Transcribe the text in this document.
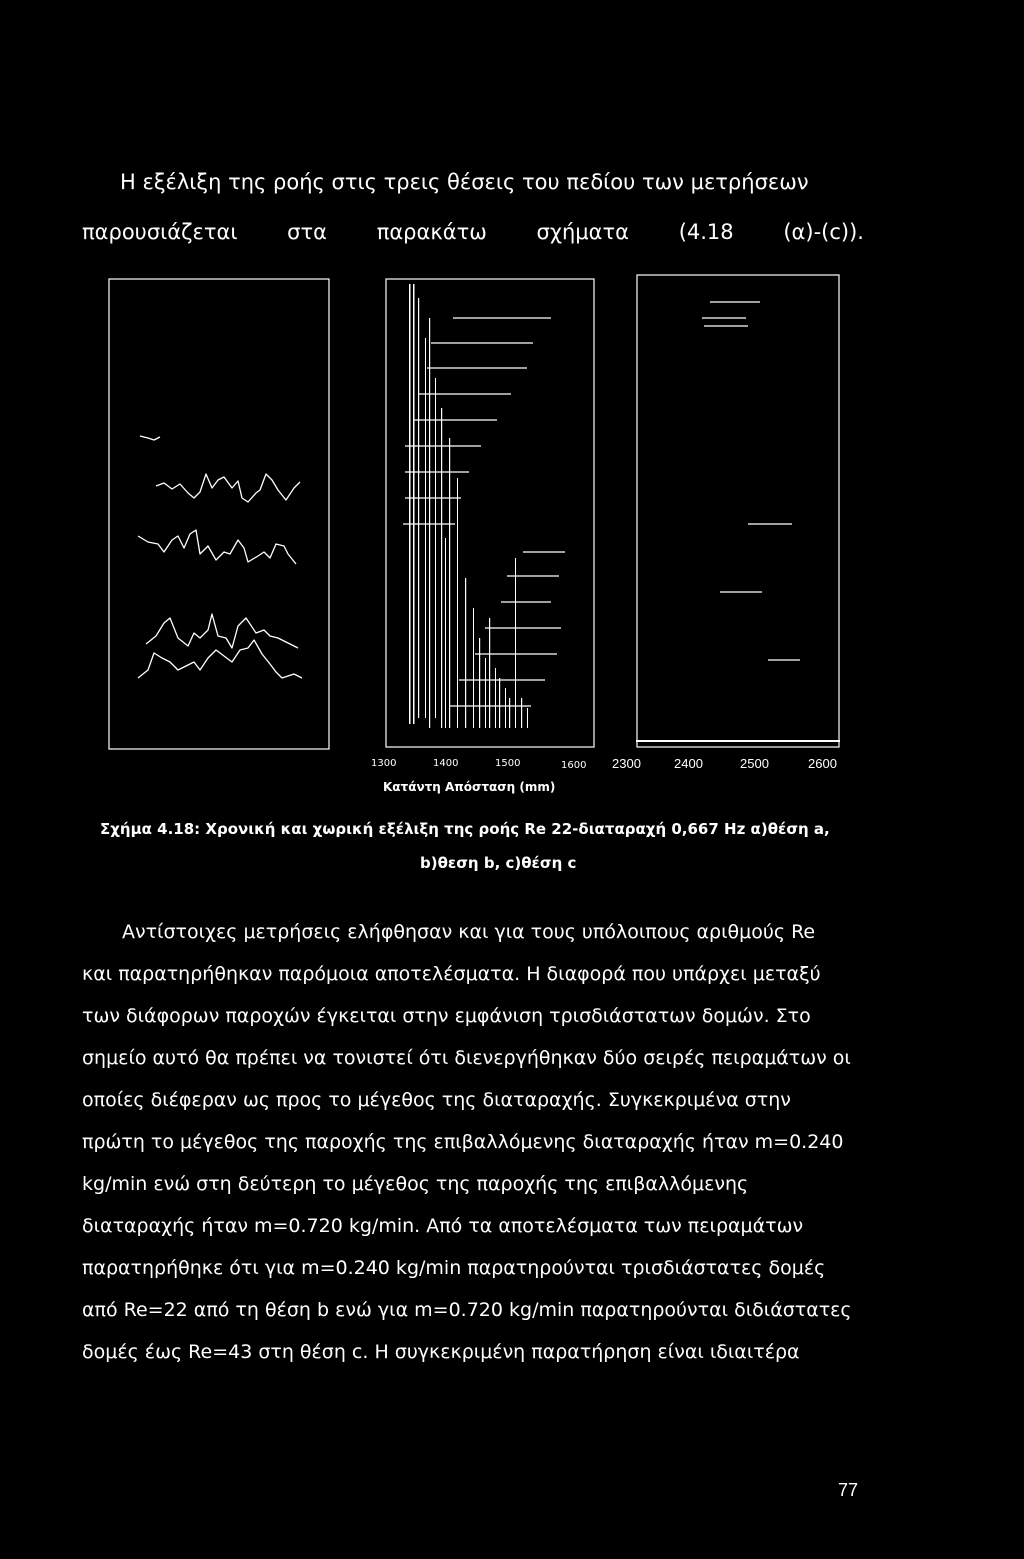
Η εξέλιξη της ροής στις τρεις θέσεις του πεδίου των μετρήσεων
παρουσιάζεται στα παρακάτω σχήματα (4.18 (α)-(c)).
1300	1400	1500	1600
Κατάντη Απόσταση (mm)
2300	2400	2500	2600
Σχήμα 4.18: Χρονική και χωρική εξέλιξη της ροής Re 22-διαταραχή 0,667 Hz α)θέση a,
b)θεση b, c)θέση c
Αντίστοιχες μετρήσεις ελήφθησαν και για τους υπόλοιπους αριθμούς Re
και παρατηρήθηκαν παρόμοια αποτελέσματα. Η διαφορά που υπάρχει μεταξύ
των διάφορων παροχών έγκειται στην εμφάνιση τρισδιάστατων δομών. Στο
σημείο αυτό θα πρέπει να τονιστεί ότι διενεργήθηκαν δύο σειρές πειραμάτων οι
οποίες διέφεραν ως προς το μέγεθος της διαταραχής. Συγκεκριμένα στην
πρώτη το μέγεθος της παροχής της επιβαλλόμενης διαταραχής ήταν m=0.240
kg/min ενώ στη δεύτερη το μέγεθος της παροχής της επιβαλλόμενης
διαταραχής ήταν m=0.720 kg/min. Από τα αποτελέσματα των πειραμάτων
παρατηρήθηκε ότι για m=0.240 kg/min παρατηρούνται τρισδιάστατες δομές
από Re=22 από τη θέση b ενώ για m=0.720 kg/min παρατηρούνται διδιάστατες
δομές έως Re=43 στη θέση c. Η συγκεκριμένη παρατήρηση είναι ιδιαιτέρα
77
